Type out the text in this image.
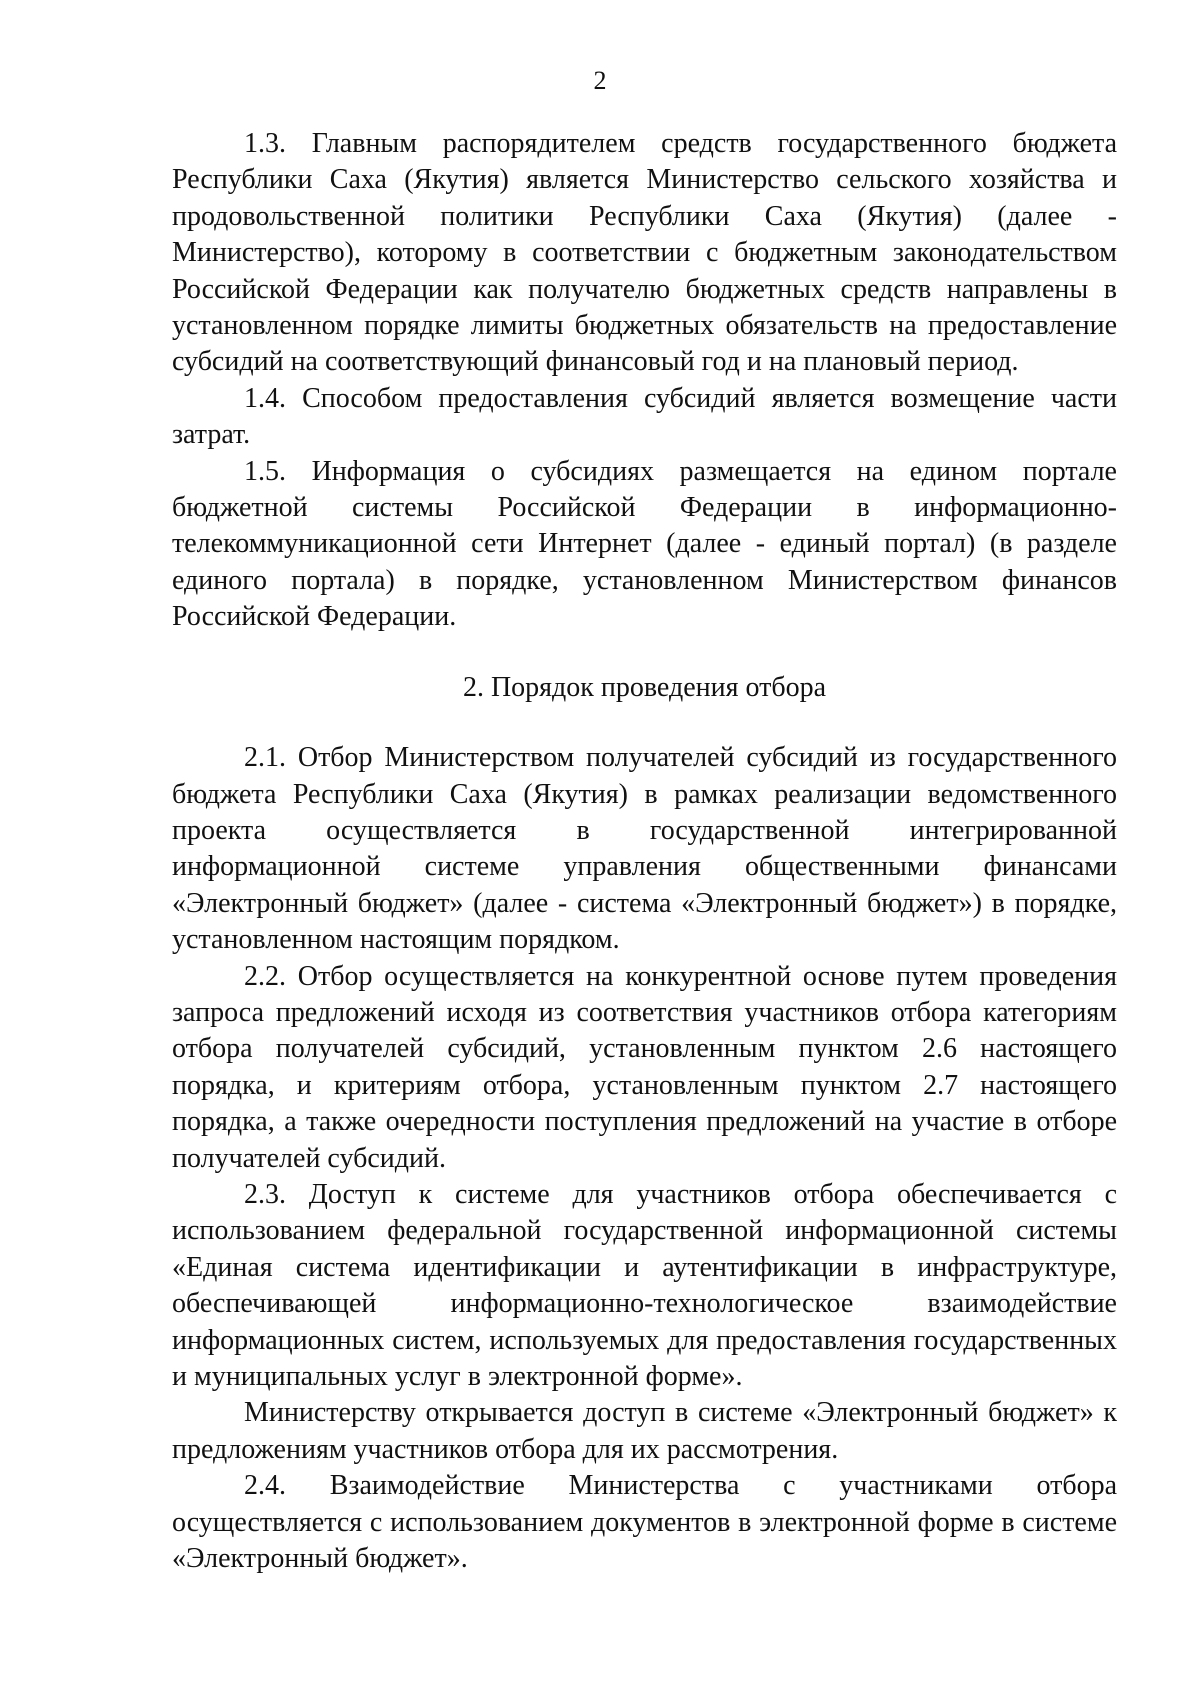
2

1.3. Главным распорядителем средств государственного бюджета Республики Саха (Якутия) является Министерство сельского хозяйства и продовольственной политики Республики Саха (Якутия) (далее - Министерство), которому в соответствии с бюджетным законодательством Российской Федерации как получателю бюджетных средств направлены в установленном порядке лимиты бюджетных обязательств на предоставление субсидий на соответствующий финансовый год и на плановый период.

1.4. Способом предоставления субсидий является возмещение части затрат.

1.5. Информация о субсидиях размещается на едином портале бюджетной системы Российской Федерации в информационно-телекоммуникационной сети Интернет (далее - единый портал) (в разделе единого портала) в порядке, установленном Министерством финансов Российской Федерации.

2. Порядок проведения отбора

2.1. Отбор Министерством получателей субсидий из государственного бюджета Республики Саха (Якутия) в рамках реализации ведомственного проекта осуществляется в государственной интегрированной информационной системе управления общественными финансами «Электронный бюджет» (далее - система «Электронный бюджет») в порядке, установленном настоящим порядком.

2.2. Отбор осуществляется на конкурентной основе путем проведения запроса предложений исходя из соответствия участников отбора категориям отбора получателей субсидий, установленным пунктом 2.6 настоящего порядка, и критериям отбора, установленным пунктом 2.7 настоящего порядка, а также очередности поступления предложений на участие в отборе получателей субсидий.

2.3. Доступ к системе для участников отбора обеспечивается с использованием федеральной государственной информационной системы «Единая система идентификации и аутентификации в инфраструктуре, обеспечивающей информационно-технологическое взаимодействие информационных систем, используемых для предоставления государственных и муниципальных услуг в электронной форме».

Министерству открывается доступ в системе «Электронный бюджет» к предложениям участников отбора для их рассмотрения.

2.4. Взаимодействие Министерства с участниками отбора осуществляется с использованием документов в электронной форме в системе «Электронный бюджет».
